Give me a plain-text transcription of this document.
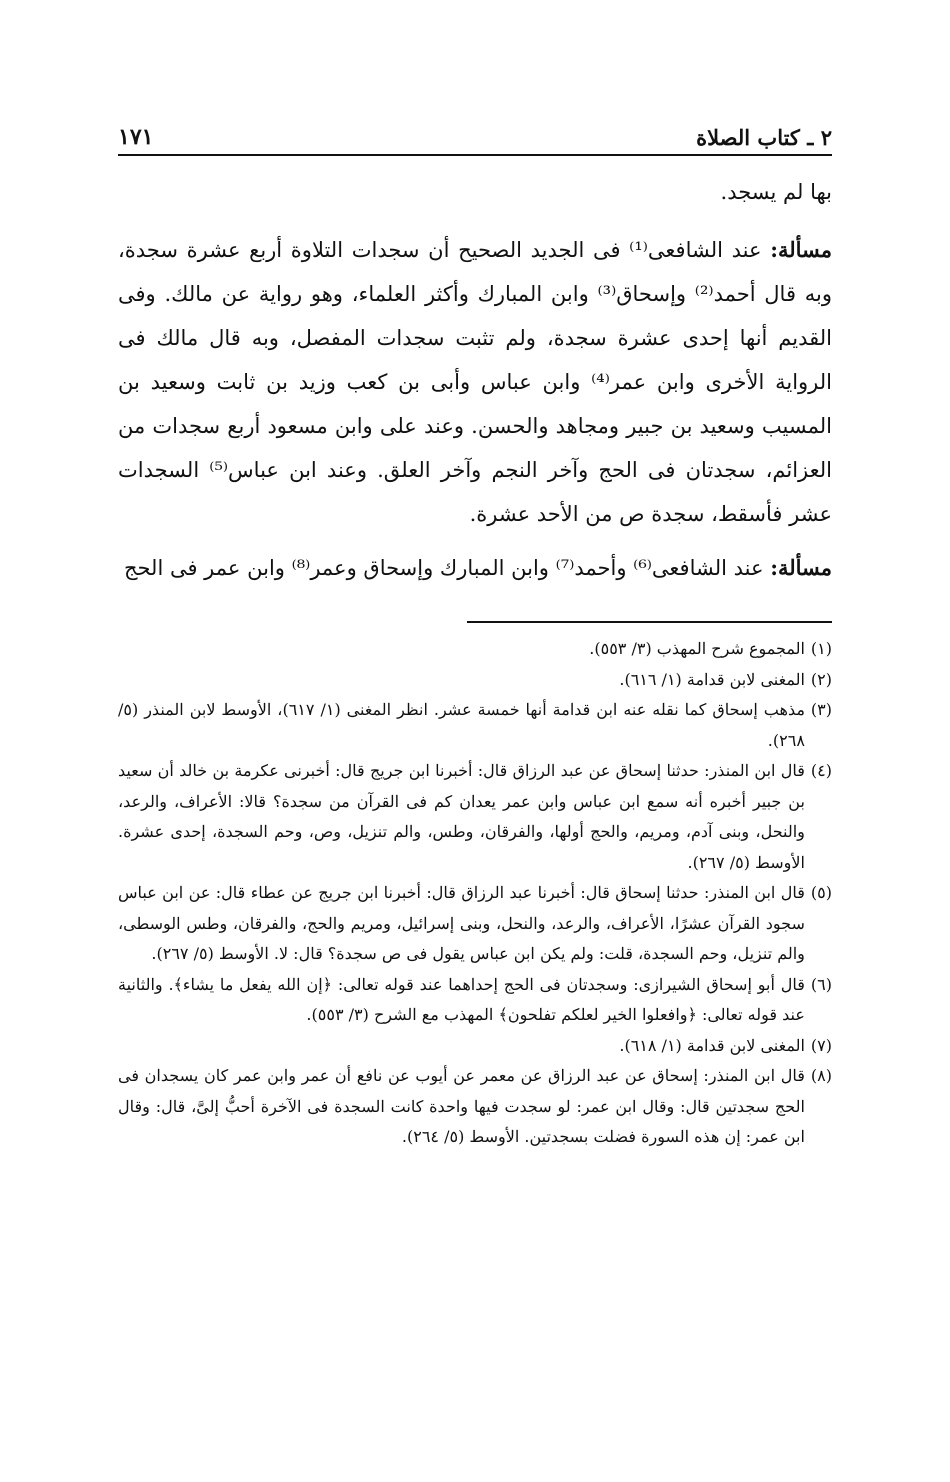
٢ ـ كتاب الصلاة
١٧١

بها لم يسجد.

مسألة: عند الشافعى⁽¹⁾ فى الجديد الصحيح أن سجدات التلاوة أربع عشرة سجدة، وبه قال أحمد⁽²⁾ وإسحاق⁽³⁾ وابن المبارك وأكثر العلماء، وهو رواية عن مالك. وفى القديم أنها إحدى عشرة سجدة، ولم تثبت سجدات المفصل، وبه قال مالك فى الرواية الأخرى وابن عمر⁽⁴⁾ وابن عباس وأبى بن كعب وزيد بن ثابت وسعيد بن المسيب وسعيد بن جبير ومجاهد والحسن. وعند على وابن مسعود أربع سجدات من العزائم، سجدتان فى الحج وآخر النجم وآخر العلق. وعند ابن عباس⁽⁵⁾ السجدات عشر فأسقط، سجدة ص من الأحد عشرة.

مسألة: عند الشافعى⁽⁶⁾ وأحمد⁽⁷⁾ وابن المبارك وإسحاق وعمر⁽⁸⁾ وابن عمر فى الحج

(١)
المجموع شرح المهذب (٣/ ٥٥٣).
(٢)
المغنى لابن قدامة (١/ ٦١٦).
(٣)
مذهب إسحاق كما نقله عنه ابن قدامة أنها خمسة عشر. انظر المغنى (١/ ٦١٧)، الأوسط لابن المنذر (٥/ ٢٦٨).
(٤)
قال ابن المنذر: حدثنا إسحاق عن عبد الرزاق قال: أخبرنا ابن جريج قال: أخبرنى عكرمة بن خالد أن سعيد بن جبير أخبره أنه سمع ابن عباس وابن عمر يعدان كم فى القرآن من سجدة؟ قالا: الأعراف، والرعد، والنحل، وبنى آدم، ومريم، والحج أولها، والفرقان، وطس، والم تنزيل، وص، وحم السجدة، إحدى عشرة. الأوسط (٥/ ٢٦٧).
(٥)
قال ابن المنذر: حدثنا إسحاق قال: أخبرنا عبد الرزاق قال: أخبرنا ابن جريج عن عطاء قال: عن ابن عباس سجود القرآن عشرًا، الأعراف، والرعد، والنحل، وبنى إسرائيل، ومريم والحج، والفرقان، وطس الوسطى، والم تنزيل، وحم السجدة، قلت: ولم يكن ابن عباس يقول فى ص سجدة؟ قال: لا. الأوسط (٥/ ٢٦٧).
(٦)
قال أبو إسحاق الشيرازى: وسجدتان فى الحج إحداهما عند قوله تعالى: ﴿إن الله يفعل ما يشاء﴾. والثانية عند قوله تعالى: ﴿وافعلوا الخير لعلكم تفلحون﴾ المهذب مع الشرح (٣/ ٥٥٣).
(٧)
المغنى لابن قدامة (١/ ٦١٨).
(٨)
قال ابن المنذر: إسحاق عن عبد الرزاق عن معمر عن أيوب عن نافع أن عمر وابن عمر كان يسجدان فى الحج سجدتين قال: وقال ابن عمر: لو سجدت فيها واحدة كانت السجدة فى الآخرة أحبُّ إلىَّ، قال: وقال ابن عمر: إن هذه السورة فضلت بسجدتين. الأوسط (٥/ ٢٦٤).
